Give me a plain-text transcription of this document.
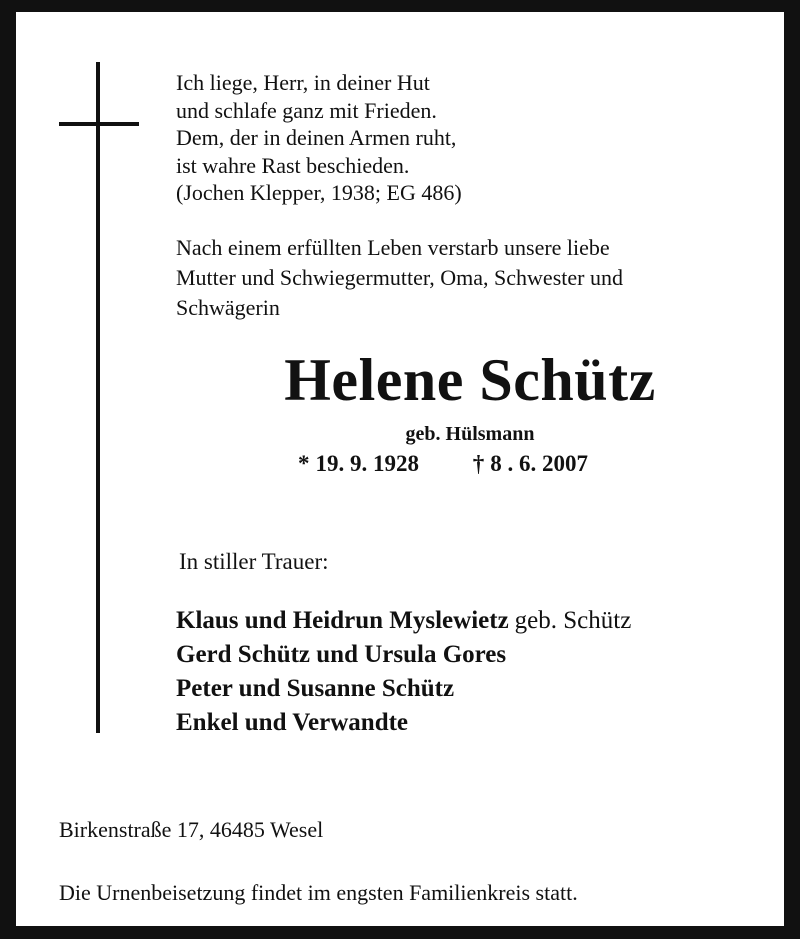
Ich liege, Herr, in deiner Hut
und schlafe ganz mit Frieden.
Dem, der in deinen Armen ruht,
ist wahre Rast beschieden.
(Jochen Klepper, 1938; EG 486)
Nach einem erfüllten Leben verstarb unsere liebe
Mutter und Schwiegermutter, Oma, Schwester und
Schwägerin
Helene Schütz
geb. Hülsmann
* 19. 9. 1928 † 8 . 6. 2007
In stiller Trauer:
Klaus und Heidrun Myslewietz geb. Schütz
Gerd Schütz und Ursula Gores
Peter und Susanne Schütz
Enkel und Verwandte
Birkenstraße 17, 46485 Wesel
Die Urnenbeisetzung findet im engsten Familienkreis statt.
